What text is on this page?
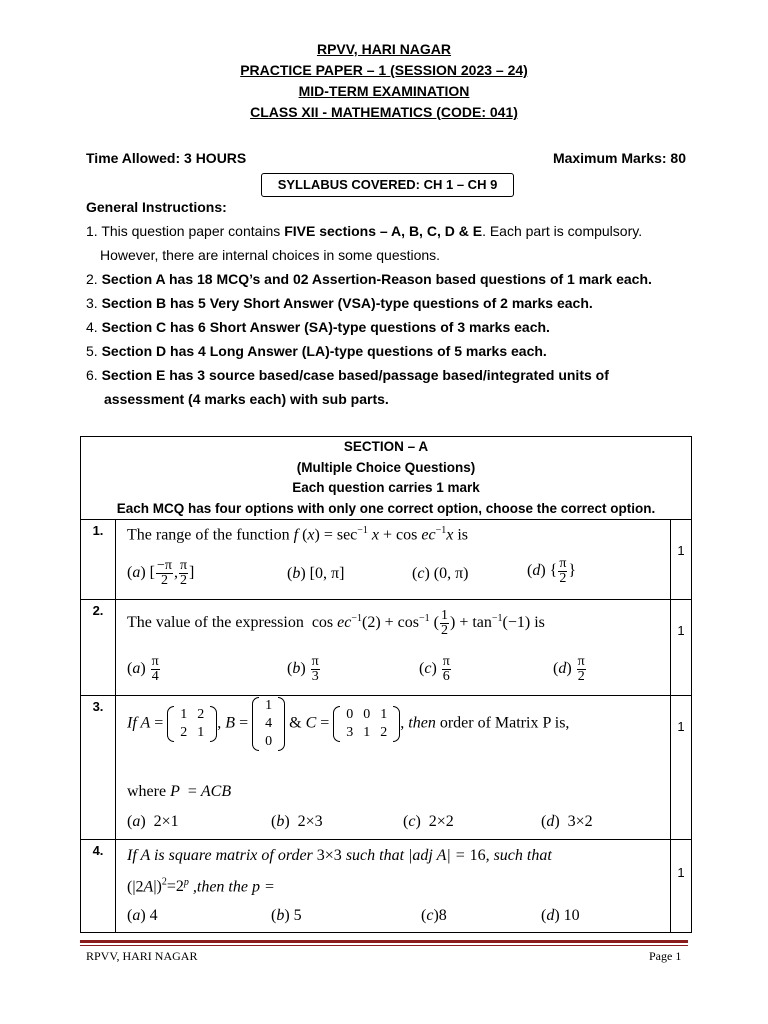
RPVV, HARI NAGAR
PRACTICE PAPER – 1 (SESSION 2023 – 24)
MID-TERM EXAMINATION
CLASS XII - MATHEMATICS (CODE: 041)
Time Allowed: 3 HOURS	Maximum Marks: 80
SYLLABUS COVERED: CH 1 – CH 9
General Instructions:
1. This question paper contains FIVE sections – A, B, C, D & E. Each part is compulsory.
However, there are internal choices in some questions.
2. Section A has 18 MCQ’s and 02 Assertion-Reason based questions of 1 mark each.
3. Section B has 5 Very Short Answer (VSA)-type questions of 2 marks each.
4. Section C has 6 Short Answer (SA)-type questions of 3 marks each.
5. Section D has 4 Long Answer (LA)-type questions of 5 marks each.
6. Section E has 3 source based/case based/passage based/integrated units of
assessment (4 marks each) with sub parts.
SECTION – A
(Multiple Choice Questions)
Each question carries 1 mark
Each MCQ has four options with only one correct option, choose the correct option.
1.	The range of the function f $(x) = \sec^{-1} x + \cos ec^{-1}x$ is
(a) [ $\frac{-\pi}{2}$ , $\frac{\pi}{2}$ ]	(b) [0, π]	(c) (0, π)	(d) { $\frac{\pi}{2}$ }
1
2.
The value of the expression  $\cos ec^{-1}(2) + \cos^{-1}$ ( $\frac{1}{2}$ ) + $\tan^{-1}(-1)$ is
$(a) \frac{\pi}{4}$	$(b) \frac{\pi}{3}$	$(c) \frac{\pi}{6}$	$(d) \frac{\pi}{2}$
1
3.
If A =
1	2
2	1
, B =
1
4
0
& C =
0	0	1
3	1	2
, then order of Matrix P is,
where P  = ACB
(a)  2×1	(b)  2×3	(c)  2×2	(d)  3×2
1
4.	If A is square matrix of order 3×3 such that |adj A| = 16, such that
$(|2A|)^2=2^p$ ,then the p =
(a) 4	(b) 5	(c)8	(d) 10
1
RPVV, HARI NAGAR	Page 1
